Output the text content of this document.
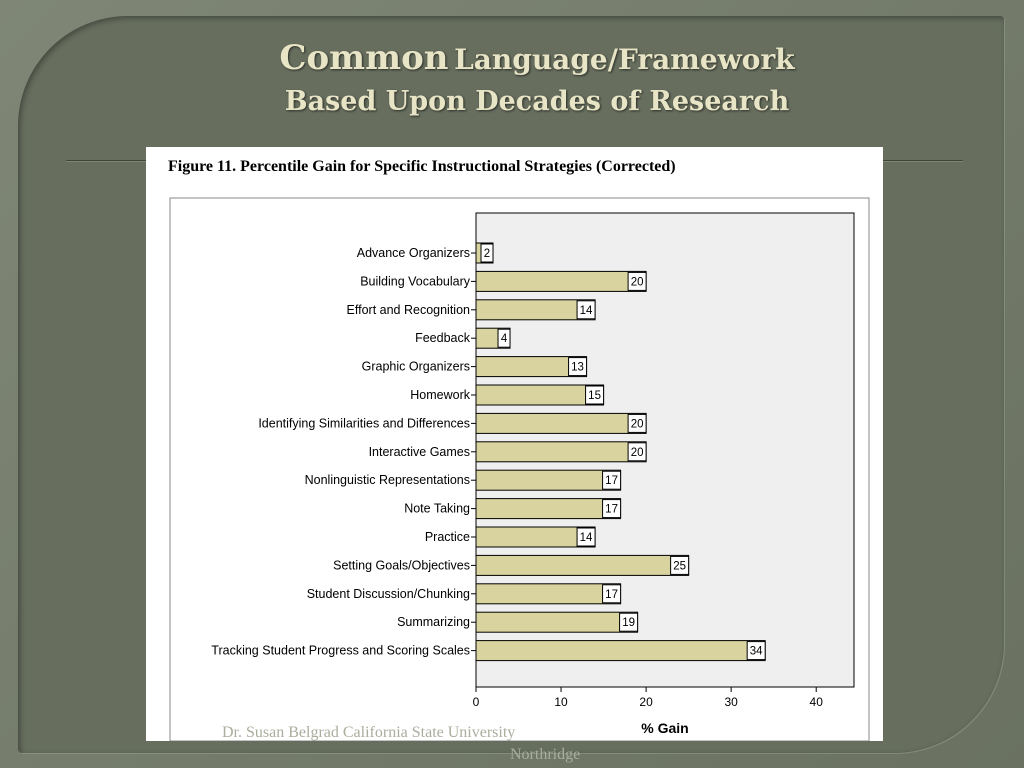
Common Language/Framework
Based Upon Decades of Research
Figure 11. Percentile Gain for Specific Instructional Strategies (Corrected)
Advance Organizers 2
Building Vocabulary	20
Effort and Recognition	14
Feedback	4
Graphic Organizers	13
Homework	15
Identifying Similarities and Differences	20
Interactive Games	20
Nonlinguistic Representations	17
Note Taking	17
Practice	14
Setting Goals/Objectives	25
Student Discussion/Chunking	17
Summarizing	19
Tracking Student Progress and Scoring Scales	34
0	10	20	30	40
% Gain
Dr. Susan Belgrad California State University
Northridge
